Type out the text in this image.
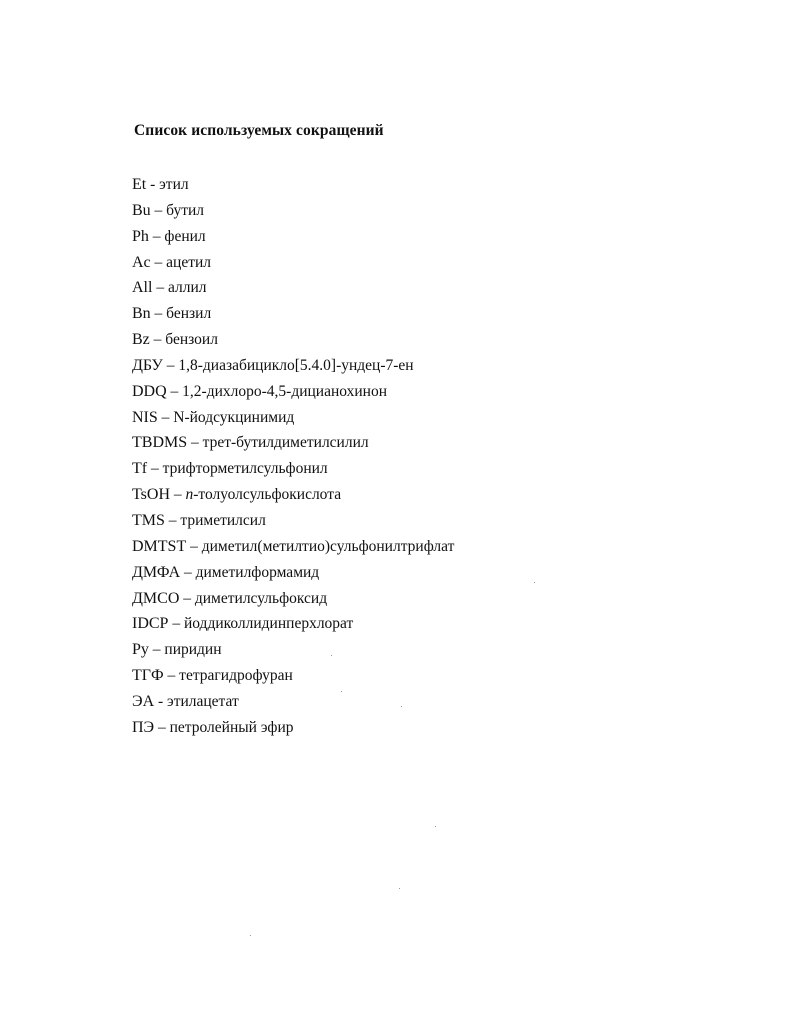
Список используемых сокращений
Et - этил
Bu – бутил
Ph – фенил
Ac – ацетил
All – аллил
Bn – бензил
Bz – бензоил
ДБУ – 1,8-диазабицикло[5.4.0]-ундец-7-ен
DDQ – 1,2-дихлоро-4,5-дицианохинон
NIS – N-йодсукцинимид
TBDMS – трет-бутилдиметилсилил
Tf – трифторметилсульфонил
TsOH – n-толуолсульфокислота
TMS – триметилсил
DMTST – диметил(метилтио)сульфонилтрифлат
ДМФА – диметилформамид
ДМСО – диметилсульфоксид
IDCP – йоддиколлидинперхлорат
Py – пиридин
ТГФ – тетрагидрофуран
ЭА - этилацетат
ПЭ – петролейный эфир
